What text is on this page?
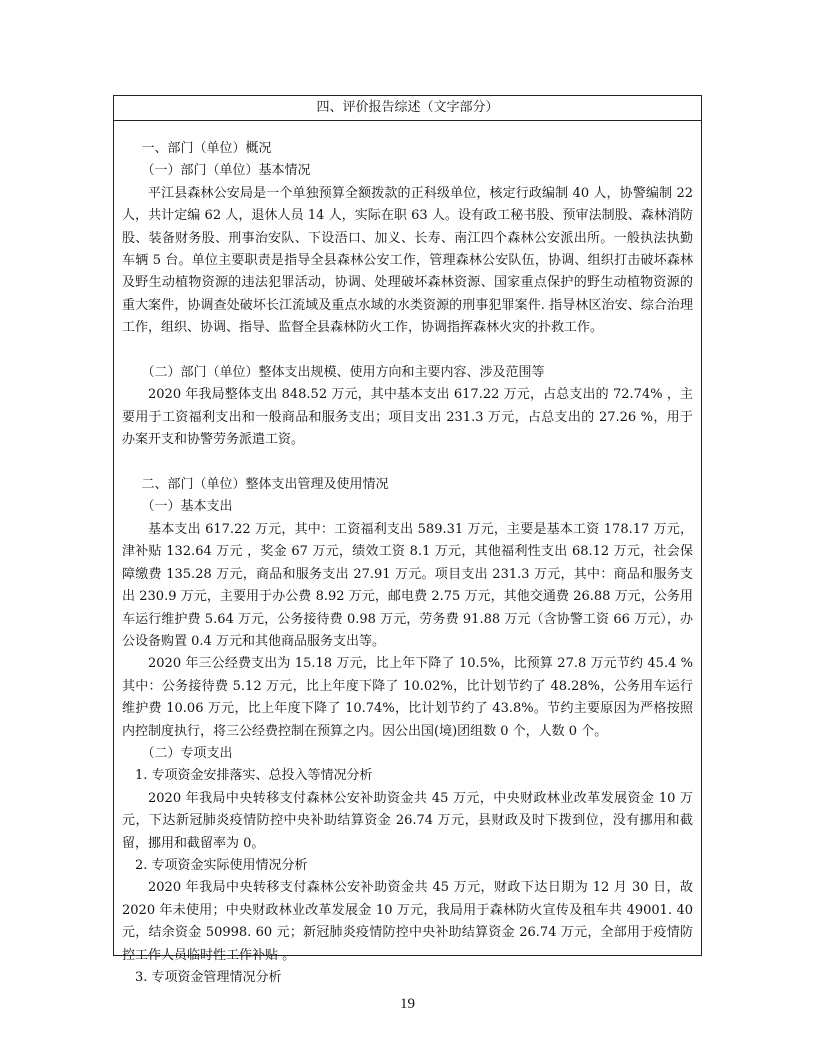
四、评价报告综述（文字部分）

一、部门（单位）概况

（一）部门（单位）基本情况

平江县森林公安局是一个单独预算全额拨款的正科级单位，核定行政编制 40 人，协警编制 22 人，共计定编 62 人，退休人员 14 人，实际在职 63 人。设有政工秘书股、预审法制股、森林消防股、装备财务股、刑事治安队、下设浯口、加义、长寿、南江四个森林公安派出所。一般执法执勤车辆 5 台。单位主要职责是指导全县森林公安工作，管理森林公安队伍，协调、组织打击破坏森林及野生动植物资源的违法犯罪活动，协调、处理破坏森林资源、国家重点保护的野生动植物资源的重大案件，协调查处破坏长江流域及重点水域的水类资源的刑事犯罪案件. 指导林区治安、综合治理工作，组织、协调、指导、监督全县森林防火工作，协调指挥森林火灾的扑救工作。

（二）部门（单位）整体支出规模、使用方向和主要内容、涉及范围等

2020 年我局整体支出 848.52 万元，其中基本支出 617.22 万元，占总支出的 72.74% ，主要用于工资福利支出和一般商品和服务支出；项目支出 231.3 万元，占总支出的 27.26 %，用于办案开支和协警劳务派遣工资。

二、部门（单位）整体支出管理及使用情况

（一）基本支出

基本支出 617.22 万元，其中：工资福利支出 589.31 万元，主要是基本工资 178.17 万元，津补贴 132.64 万元 ，奖金 67 万元，绩效工资 8.1 万元，其他福利性支出 68.12 万元，社会保障缴费 135.28 万元，商品和服务支出 27.91 万元。项目支出 231.3 万元，其中：商品和服务支出 230.9 万元，主要用于办公费 8.92 万元，邮电费 2.75 万元，其他交通费 26.88 万元，公务用车运行维护费 5.64 万元，公务接待费 0.98 万元，劳务费 91.88 万元（含协警工资 66 万元），办公设备购置 0.4 万元和其他商品服务支出等。

2020 年三公经费支出为 15.18 万元，比上年下降了 10.5%，比预算 27.8 万元节约 45.4 %其中：公务接待费 5.12 万元，比上年度下降了 10.02%，比计划节约了 48.28%，公务用车运行维护费 10.06 万元，比上年度下降了 10.74%，比计划节约了 43.8%。节约主要原因为严格按照内控制度执行，将三公经费控制在预算之内。因公出国(境)团组数 0 个，人数 0 个。

（二）专项支出

1. 专项资金安排落实、总投入等情况分析

2020 年我局中央转移支付森林公安补助资金共 45 万元，中央财政林业改革发展资金 10 万元，下达新冠肺炎疫情防控中央补助结算资金 26.74 万元，县财政及时下拨到位，没有挪用和截留，挪用和截留率为 0。

2. 专项资金实际使用情况分析

2020 年我局中央转移支付森林公安补助资金共 45 万元，财政下达日期为 12 月 30 日，故 2020 年未使用；中央财政林业改革发展金 10 万元，我局用于森林防火宣传及租车共 49001. 40 元，结余资金 50998. 60 元；新冠肺炎疫情防控中央补助结算资金 26.74 万元，全部用于疫情防控工作人员临时性工作补贴 。

3. 专项资金管理情况分析

19
